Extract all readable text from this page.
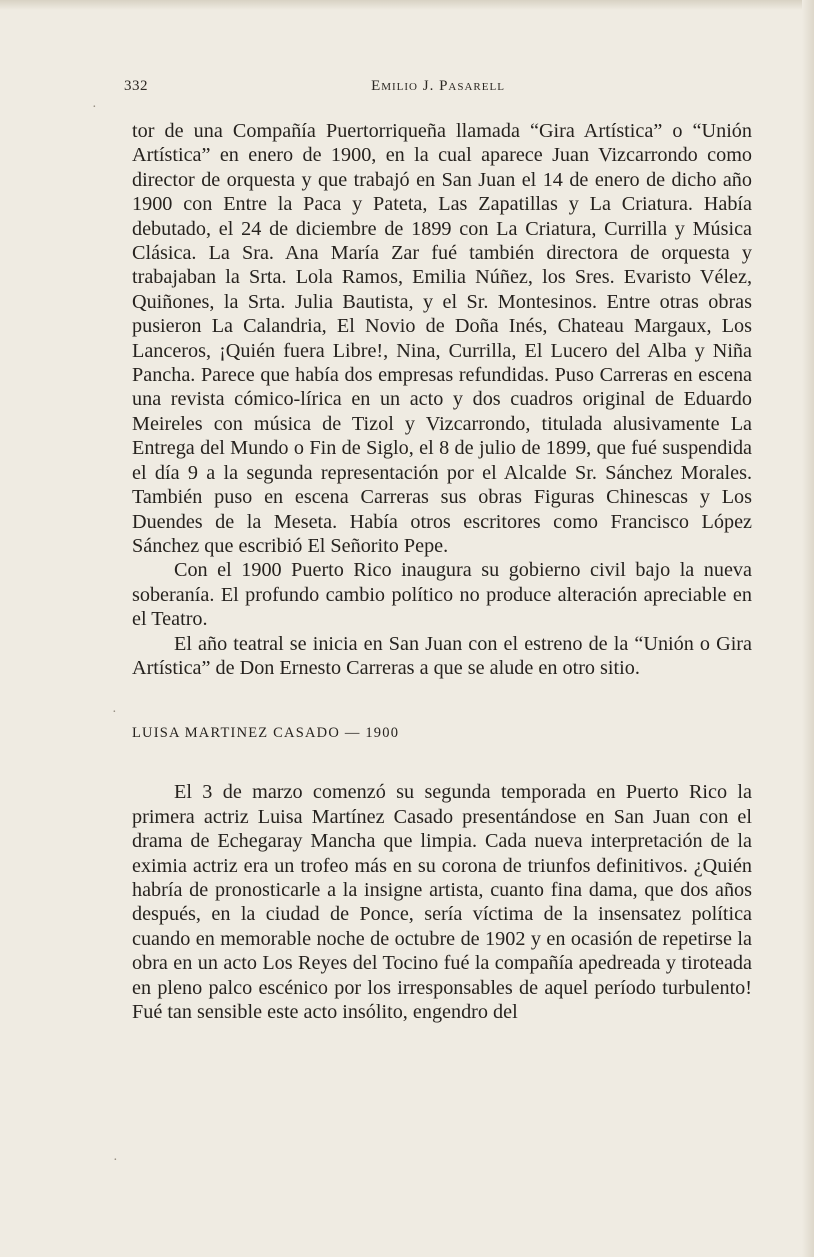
332	Emilio J. Pasarell
·
·
·

tor de una Compañía Puertorriqueña llamada “Gira Artística” o “Unión Artística” en enero de 1900, en la cual aparece Juan Vizcarrondo como director de orquesta y que trabajó en San Juan el 14 de enero de dicho año 1900 con Entre la Paca y Pateta, Las Zapatillas y La Criatura. Había debutado, el 24 de diciembre de 1899 con La Criatura, Currilla y Música Clásica. La Sra. Ana María Zar fué también directora de orquesta y trabajaban la Srta. Lola Ramos, Emilia Núñez, los Sres. Evaristo Vélez, Quiñones, la Srta. Julia Bautista, y el Sr. Montesinos. Entre otras obras pusieron La Calandria, El Novio de Doña Inés, Chateau Margaux, Los Lanceros, ¡Quién fuera Libre!, Nina, Currilla, El Lucero del Alba y Niña Pancha. Parece que había dos empresas refundidas. Puso Carreras en escena una revista cómico-lírica en un acto y dos cuadros original de Eduardo Meireles con música de Tizol y Vizcarrondo, titulada alusivamente La Entrega del Mundo o Fin de Siglo, el 8 de julio de 1899, que fué suspendida el día 9 a la segunda representación por el Alcalde Sr. Sánchez Morales. También puso en escena Carreras sus obras Figuras Chinescas y Los Duendes de la Meseta. Había otros escritores como Francisco López Sánchez que escribió El Señorito Pepe.

Con el 1900 Puerto Rico inaugura su gobierno civil bajo la nueva soberanía. El profundo cambio político no produce alteración apreciable en el Teatro.

El año teatral se inicia en San Juan con el estreno de la “Unión o Gira Artística” de Don Ernesto Carreras a que se alude en otro sitio.

LUISA MARTINEZ CASADO — 1900

El 3 de marzo comenzó su segunda temporada en Puerto Rico la primera actriz Luisa Martínez Casado presentándose en San Juan con el drama de Echegaray Mancha que limpia. Cada nueva interpretación de la eximia actriz era un trofeo más en su corona de triunfos definitivos. ¿Quién habría de pronosticarle a la insigne artista, cuanto fina dama, que dos años después, en la ciudad de Ponce, sería víctima de la insensatez política cuando en memorable noche de octubre de 1902 y en ocasión de repetirse la obra en un acto Los Reyes del Tocino fué la compañía apedreada y tiroteada en pleno palco escénico por los irresponsables de aquel período turbulento! Fué tan sensible este acto insólito, engendro del
